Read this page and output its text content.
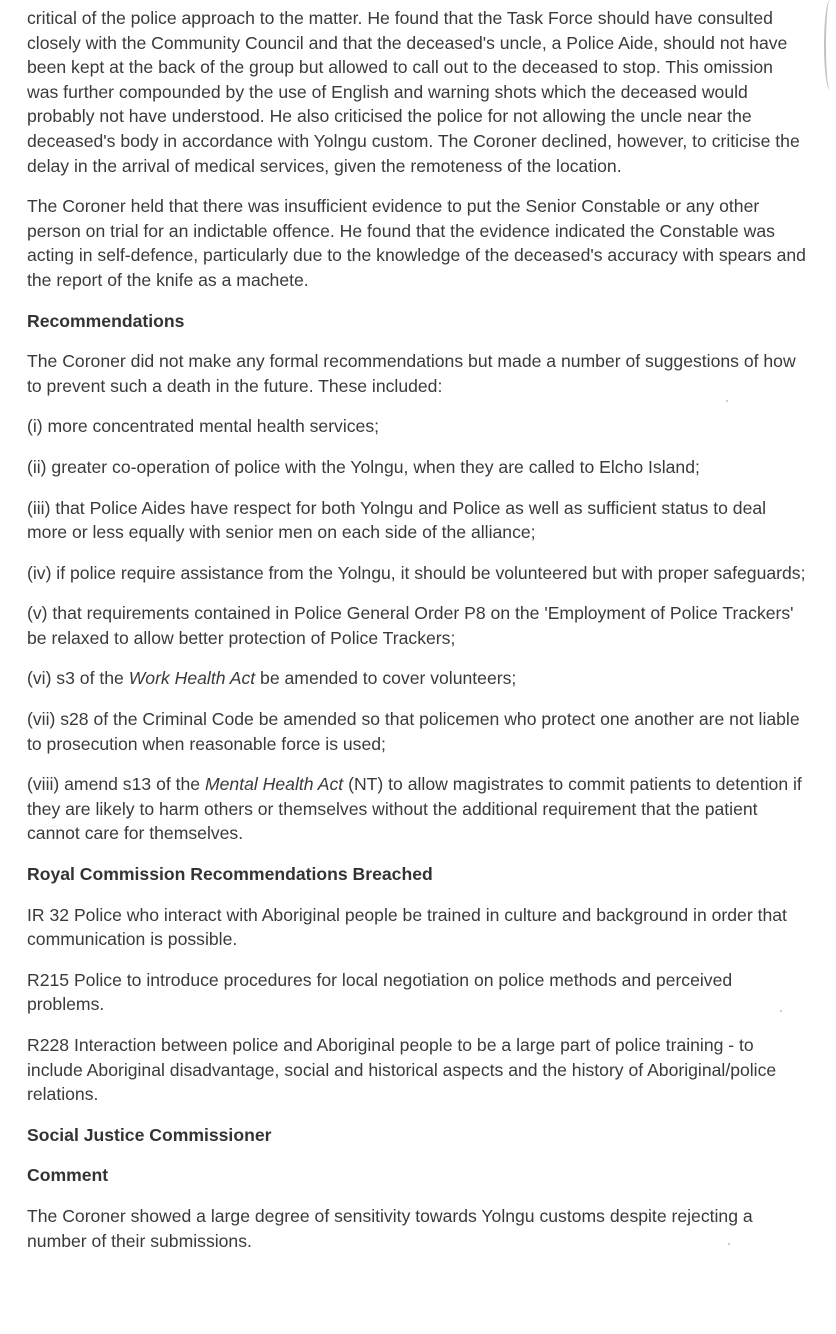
critical of the police approach to the matter. He found that the Task Force should have consulted closely with the Community Council and that the deceased's uncle, a Police Aide, should not have been kept at the back of the group but allowed to call out to the deceased to stop. This omission was further compounded by the use of English and warning shots which the deceased would probably not have understood. He also criticised the police for not allowing the uncle near the deceased's body in accordance with Yolngu custom. The Coroner declined, however, to criticise the delay in the arrival of medical services, given the remoteness of the location.

The Coroner held that there was insufficient evidence to put the Senior Constable or any other person on trial for an indictable offence. He found that the evidence indicated the Constable was acting in self-defence, particularly due to the knowledge of the deceased's accuracy with spears and the report of the knife as a machete.

Recommendations

The Coroner did not make any formal recommendations but made a number of suggestions of how to prevent such a death in the future. These included:

(i) more concentrated mental health services;

(ii) greater co-operation of police with the Yolngu, when they are called to Elcho Island;

(iii) that Police Aides have respect for both Yolngu and Police as well as sufficient status to deal more or less equally with senior men on each side of the alliance;

(iv) if police require assistance from the Yolngu, it should be volunteered but with proper safeguards;

(v) that requirements contained in Police General Order P8 on the 'Employment of Police Trackers' be relaxed to allow better protection of Police Trackers;

(vi) s3 of the Work Health Act be amended to cover volunteers;

(vii) s28 of the Criminal Code be amended so that policemen who protect one another are not liable to prosecution when reasonable force is used;

(viii) amend s13 of the Mental Health Act (NT) to allow magistrates to commit patients to detention if they are likely to harm others or themselves without the additional requirement that the patient cannot care for themselves.

Royal Commission Recommendations Breached

IR 32 Police who interact with Aboriginal people be trained in culture and background in order that communication is possible.

R215 Police to introduce procedures for local negotiation on police methods and perceived problems.

R228 Interaction between police and Aboriginal people to be a large part of police training - to include Aboriginal disadvantage, social and historical aspects and the history of Aboriginal/police relations.

Social Justice Commissioner
Comment

The Coroner showed a large degree of sensitivity towards Yolngu customs despite rejecting a number of their submissions.
